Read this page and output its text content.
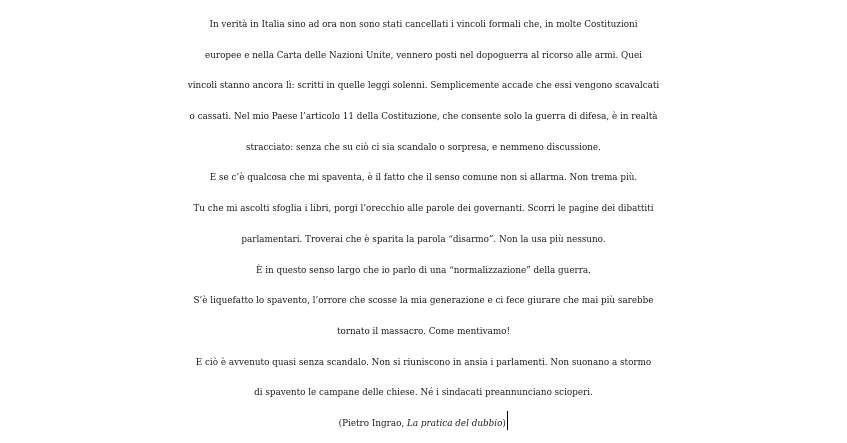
In verità in Italia sino ad ora non sono stati cancellati i vincoli formali che, in molte Costituzioni
europee e nella Carta delle Nazioni Unite, vennero posti nel dopoguerra al ricorso alle armi. Quei
vincoli stanno ancora lì: scritti in quelle leggi solenni. Semplicemente accade che essi vengono scavalcati
o cassati. Nel mio Paese l’articolo 11 della Costituzione, che consente solo la guerra di difesa, è in realtà
stracciato: senza che su ciò ci sia scandalo o sorpresa, e nemmeno discussione.
E se c’è qualcosa che mi spaventa, è il fatto che il senso comune non si allarma. Non trema più.
Tu che mi ascolti sfoglia i libri, porgi l’orecchio alle parole dei governanti. Scorri le pagine dei dibattiti
parlamentari. Troverai che è sparita la parola “disarmo”. Non la usa più nessuno.
È in questo senso largo che io parlo di una “normalizzazione” della guerra.
S’è liquefatto lo spavento, l’orrore che scosse la mia generazione e ci fece giurare che mai più sarebbe
tornato il massacro. Come mentivamo!
E ciò è avvenuto quasi senza scandalo. Non si riuniscono in ansia i parlamenti. Non suonano a stormo
di spavento le campane delle chiese. Né i sindacati preannunciano scioperi.
(Pietro Ingrao, La pratica del dubbio)
